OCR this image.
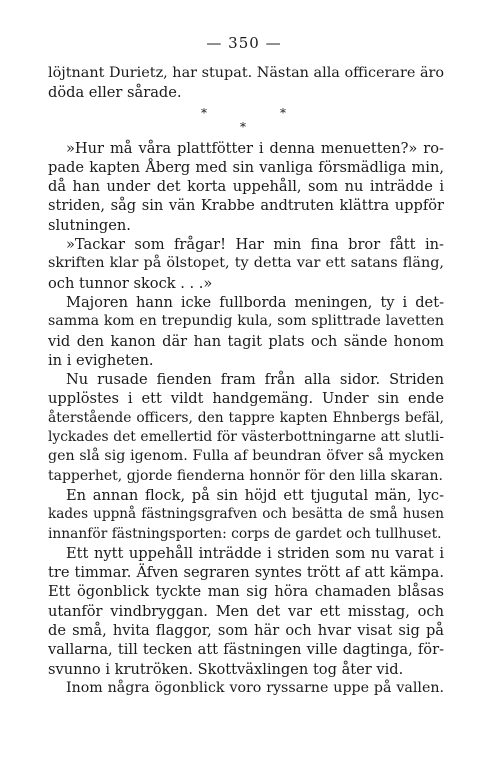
— 350 —
löjtnant Durietz, har stupat. Nästan alla officerare äro
döda eller sårade.
*	*
*
»Hur må våra plattfötter i denna menuetten?» ro-
pade kapten Åberg med sin vanliga försmädliga min,
då han under det korta uppehåll, som nu inträdde i
striden, såg sin vän Krabbe andtruten klättra uppför
slutningen.
»Tackar som frågar! Har min fina bror fått in-
skriften klar på ölstopet, ty detta var ett satans fläng,
och tunnor skock . . .»
Majoren hann icke fullborda meningen, ty i det-
samma kom en trepundig kula, som splittrade lavetten
vid den kanon där han tagit plats och sände honom
in i evigheten.
Nu rusade fienden fram från alla sidor. Striden
upplöstes i ett vildt handgemäng. Under sin ende
återstående officers, den tappre kapten Ehnbergs befäl,
lyckades det emellertid för västerbottningarne att slutli-
gen slå sig igenom. Fulla af beundran öfver så mycken
tapperhet, gjorde fienderna honnör för den lilla skaran.
En annan flock, på sin höjd ett tjugutal män, lyc-
kades uppnå fästningsgrafven och besätta de små husen
innanför fästningsporten: corps de gardet och tullhuset.
Ett nytt uppehåll inträdde i striden som nu varat i
tre timmar. Äfven segraren syntes trött af att kämpa.
Ett ögonblick tyckte man sig höra chamaden blåsas
utanför vindbryggan. Men det var ett misstag, och
de små, hvita flaggor, som här och hvar visat sig på
vallarna, till tecken att fästningen ville dagtinga, för-
svunno i krutröken. Skottväxlingen tog åter vid.
Inom några ögonblick voro ryssarne uppe på vallen.
